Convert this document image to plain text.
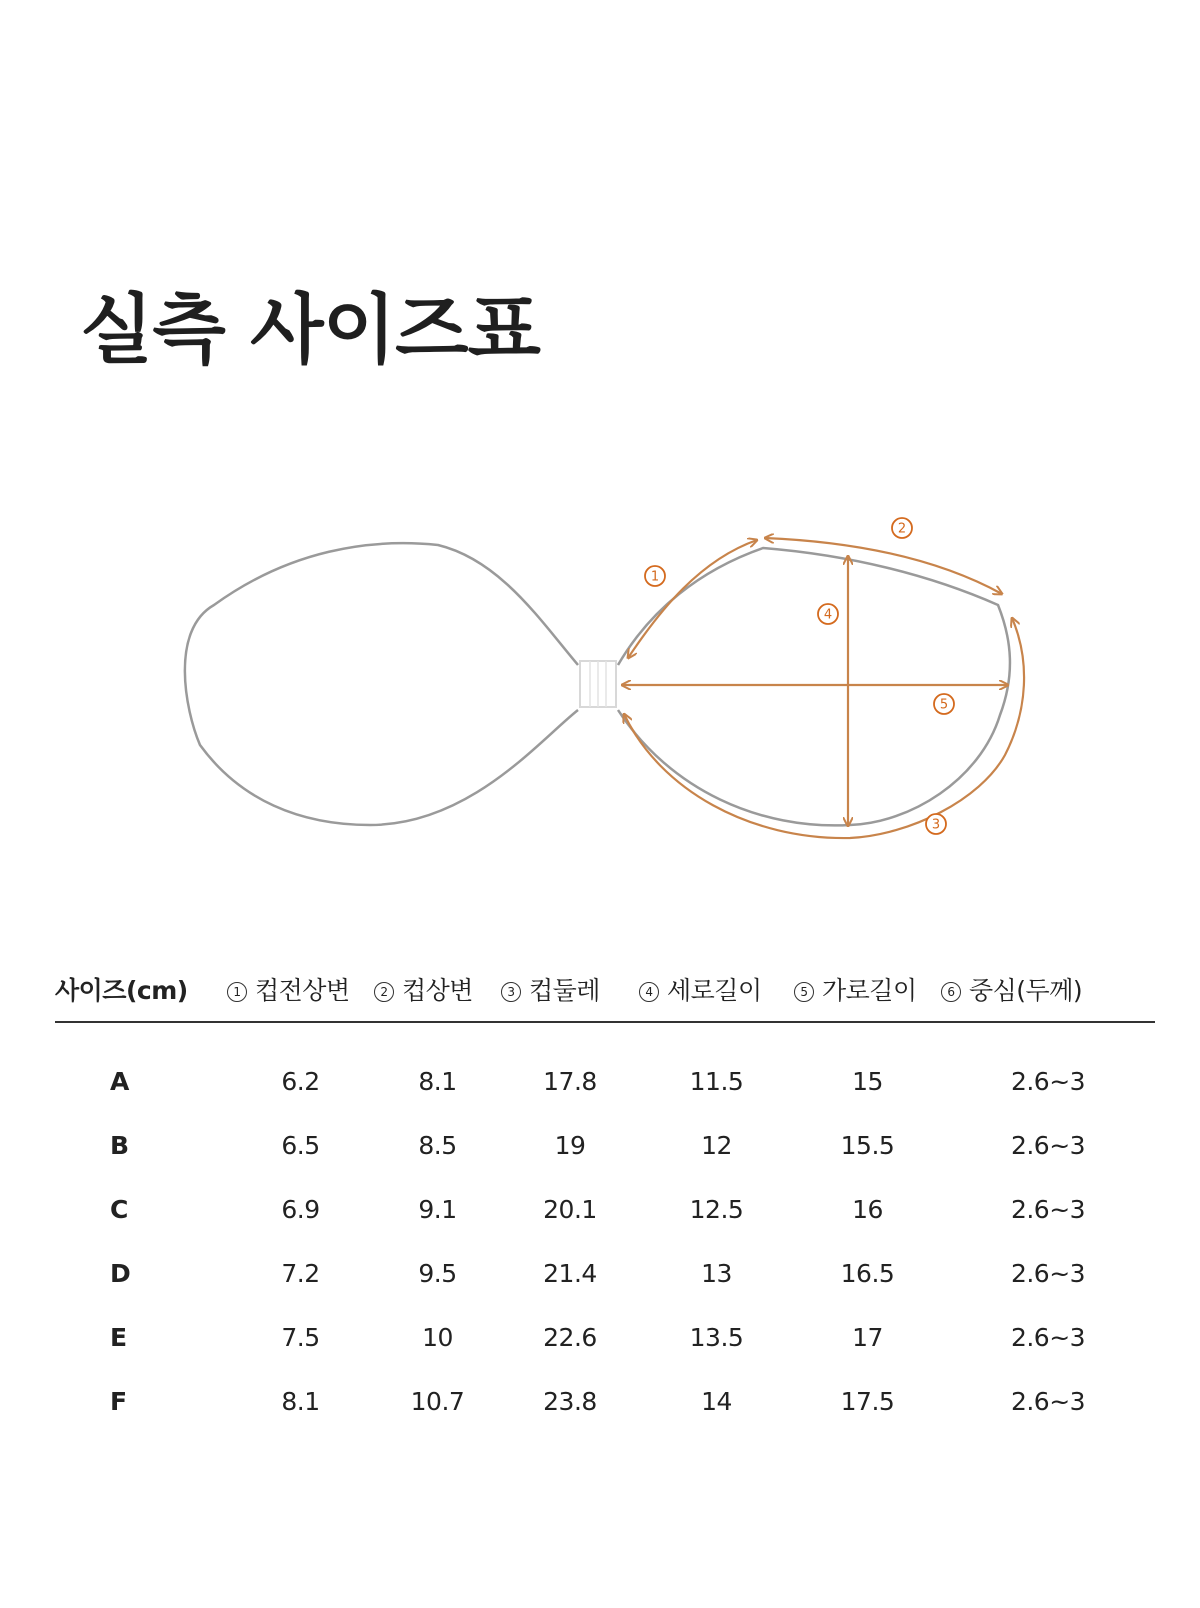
실측 사이즈표
1
2
3
4
5
사이즈(cm)	1 컵전상변	2 컵상변	3 컵둘레	4 세로길이	5 가로길이	6 중심(두께)
A	6.2	8.1	17.8	11.5	15	2.6~3
B	6.5	8.5	19	12	15.5	2.6~3
C	6.9	9.1	20.1	12.5	16	2.6~3
D	7.2	9.5	21.4	13	16.5	2.6~3
E	7.5	10	22.6	13.5	17	2.6~3
F	8.1	10.7	23.8	14	17.5	2.6~3
